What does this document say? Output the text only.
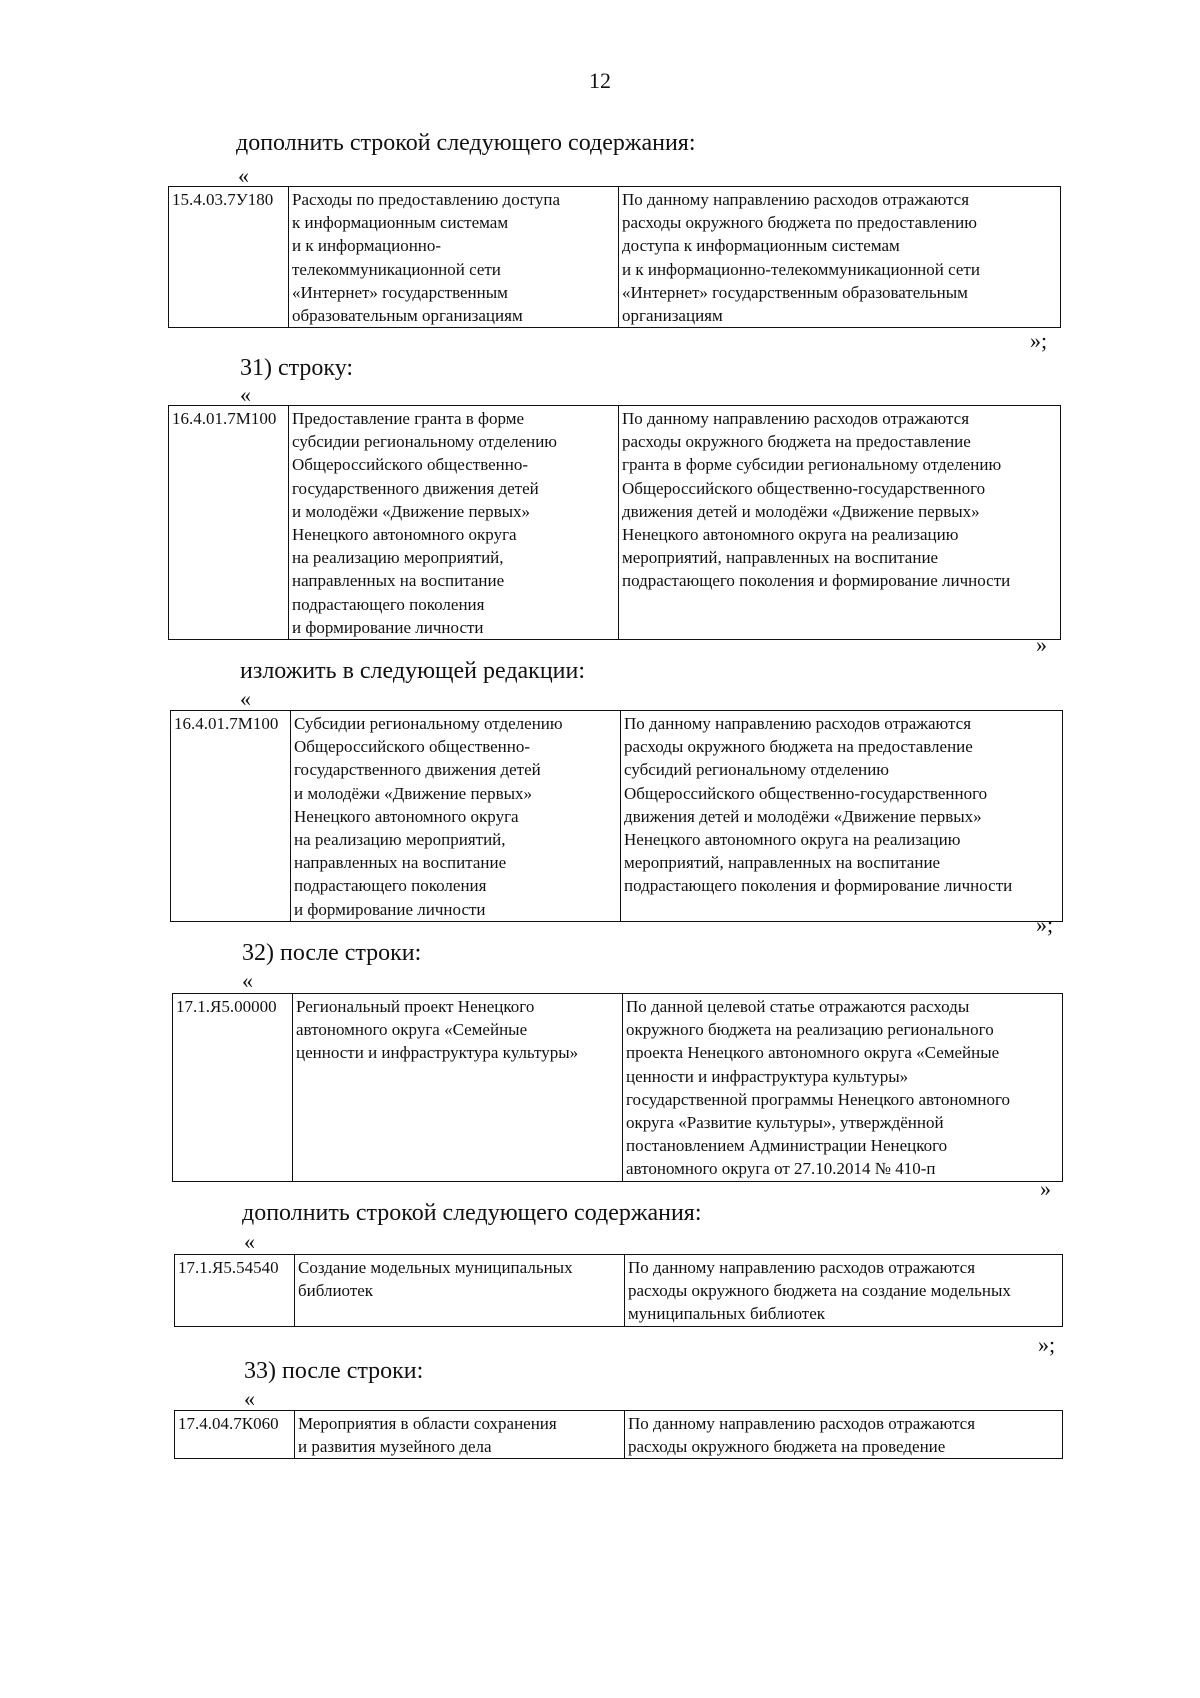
12
дополнить строкой следующего содержания:
«
15.4.03.7У180	Расходы по предоставлению доступа
к информационным системам
и к информационно-
телекоммуникационной сети
«Интернет» государственным
образовательным организациям

По данному направлению расходов отражаются
расходы окружного бюджета по предоставлению
доступа к информационным системам
и к информационно-телекоммуникационной сети
«Интернет» государственным образовательным
организациям
»;
31) строку:
«
16.4.01.7М100	Предоставление гранта в форме
субсидии региональному отделению
Общероссийского общественно-
государственного движения детей
и молодёжи «Движение первых»
Ненецкого автономного округа
на реализацию мероприятий,
направленных на воспитание
подрастающего поколения
и формирование личности

По данному направлению расходов отражаются
расходы окружного бюджета на предоставление
гранта в форме субсидии региональному отделению
Общероссийского общественно-государственного
движения детей и молодёжи «Движение первых»
Ненецкого автономного округа на реализацию
мероприятий, направленных на воспитание
подрастающего поколения и формирование личности
»
изложить в следующей редакции:
«
16.4.01.7М100	Субсидии региональному отделению
Общероссийского общественно-
государственного движения детей
и молодёжи «Движение первых»
Ненецкого автономного округа
на реализацию мероприятий,
направленных на воспитание
подрастающего поколения
и формирование личности

По данному направлению расходов отражаются
расходы окружного бюджета на предоставление
субсидий региональному отделению
Общероссийского общественно-государственного
движения детей и молодёжи «Движение первых»
Ненецкого автономного округа на реализацию
мероприятий, направленных на воспитание
подрастающего поколения и формирование личности
»;
32) после строки:
«
17.1.Я5.00000	Региональный проект Ненецкого
автономного округа «Семейные
ценности и инфраструктура культуры»

По данной целевой статье отражаются расходы
окружного бюджета на реализацию регионального
проекта Ненецкого автономного округа «Семейные
ценности и инфраструктура культуры»
государственной программы Ненецкого автономного
округа «Развитие культуры», утверждённой
постановлением Администрации Ненецкого
автономного округа от 27.10.2014 № 410-п
»
дополнить строкой следующего содержания:
«
17.1.Я5.54540	Создание модельных муниципальных
библиотек

По данному направлению расходов отражаются
расходы окружного бюджета на создание модельных
муниципальных библиотек
»;
33) после строки:
«
17.4.04.7К060	Мероприятия в области сохранения
и развития музейного дела

По данному направлению расходов отражаются
расходы окружного бюджета на проведение
